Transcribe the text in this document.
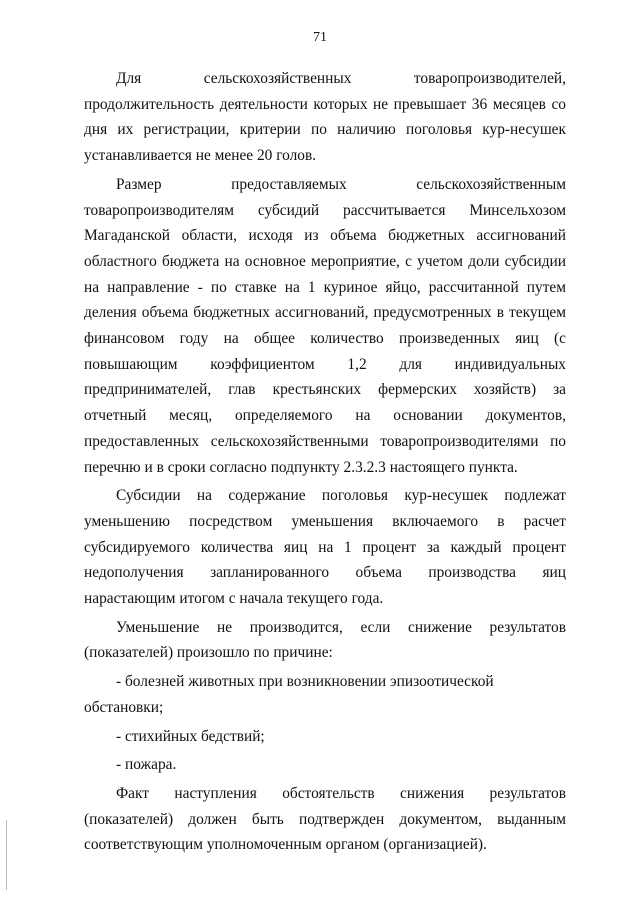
71

Для сельскохозяйственных товаропроизводителей, продолжительность деятельности которых не превышает 36 месяцев со дня их регистрации, критерии по наличию поголовья кур-несушек устанавливается не менее 20 голов.

Размер предоставляемых сельскохозяйственным товаропроизводителям субсидий рассчитывается Минсельхозом Магаданской области, исходя из объема бюджетных ассигнований областного бюджета на основное мероприятие, с учетом доли субсидии на направление - по ставке на 1 куриное яйцо, рассчитанной путем деления объема бюджетных ассигнований, предусмотренных в текущем финансовом году на общее количество произведенных яиц (с повышающим коэффициентом 1,2 для индивидуальных предпринимателей, глав крестьянских фермерских хозяйств) за отчетный месяц, определяемого на основании документов, предоставленных сельскохозяйственными товаропроизводителями по перечню и в сроки согласно подпункту 2.3.2.3 настоящего пункта.

Субсидии на содержание поголовья кур-несушек подлежат уменьшению посредством уменьшения включаемого в расчет субсидируемого количества яиц на 1 процент за каждый процент недополучения запланированного объема производства яиц нарастающим итогом с начала текущего года.

Уменьшение не производится, если снижение результатов (показателей) произошло по причине:

- болезней животных при возникновении эпизоотической обстановки;

- стихийных бедствий;

- пожара.

Факт наступления обстоятельств снижения результатов (показателей) должен быть подтвержден документом, выданным соответствующим уполномоченным органом (организацией).
